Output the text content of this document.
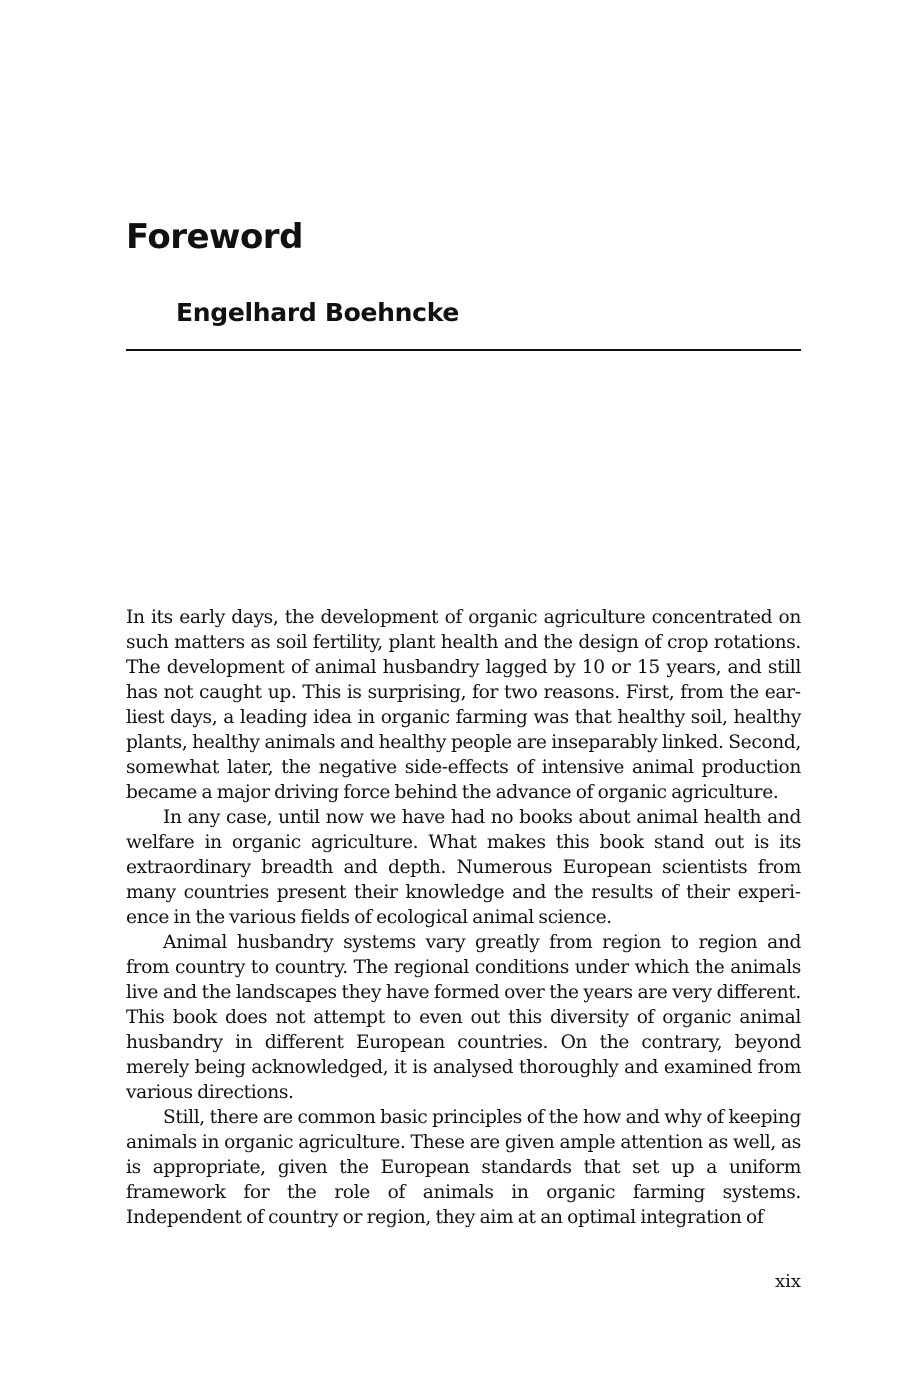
Foreword
Engelhard Boehncke

In its early days, the development of organic agriculture concentrated on such matters as soil fertility, plant health and the design of crop rotations. The development of animal husbandry lagged by 10 or 15 years, and still has not caught up. This is surprising, for two reasons. First, from the earliest days, a leading idea in organic farming was that healthy soil, healthy plants, healthy animals and healthy people are inseparably linked. Second, somewhat later, the negative side-effects of intensive animal production became a major driving force behind the advance of organic agriculture.

In any case, until now we have had no books about animal health and welfare in organic agriculture. What makes this book stand out is its extraordinary breadth and depth. Numerous European scientists from many countries present their knowledge and the results of their experience in the various fields of ecological animal science.

Animal husbandry systems vary greatly from region to region and from country to country. The regional conditions under which the animals live and the landscapes they have formed over the years are very different. This book does not attempt to even out this diversity of organic animal husbandry in different European countries. On the contrary, beyond merely being acknowledged, it is analysed thoroughly and examined from various directions.

Still, there are common basic principles of the how and why of keeping animals in organic agriculture. These are given ample attention as well, as is appropriate, given the European standards that set up a uniform framework for the role of animals in organic farming systems. Independent of country or region, they aim at an optimal integration of

xix
